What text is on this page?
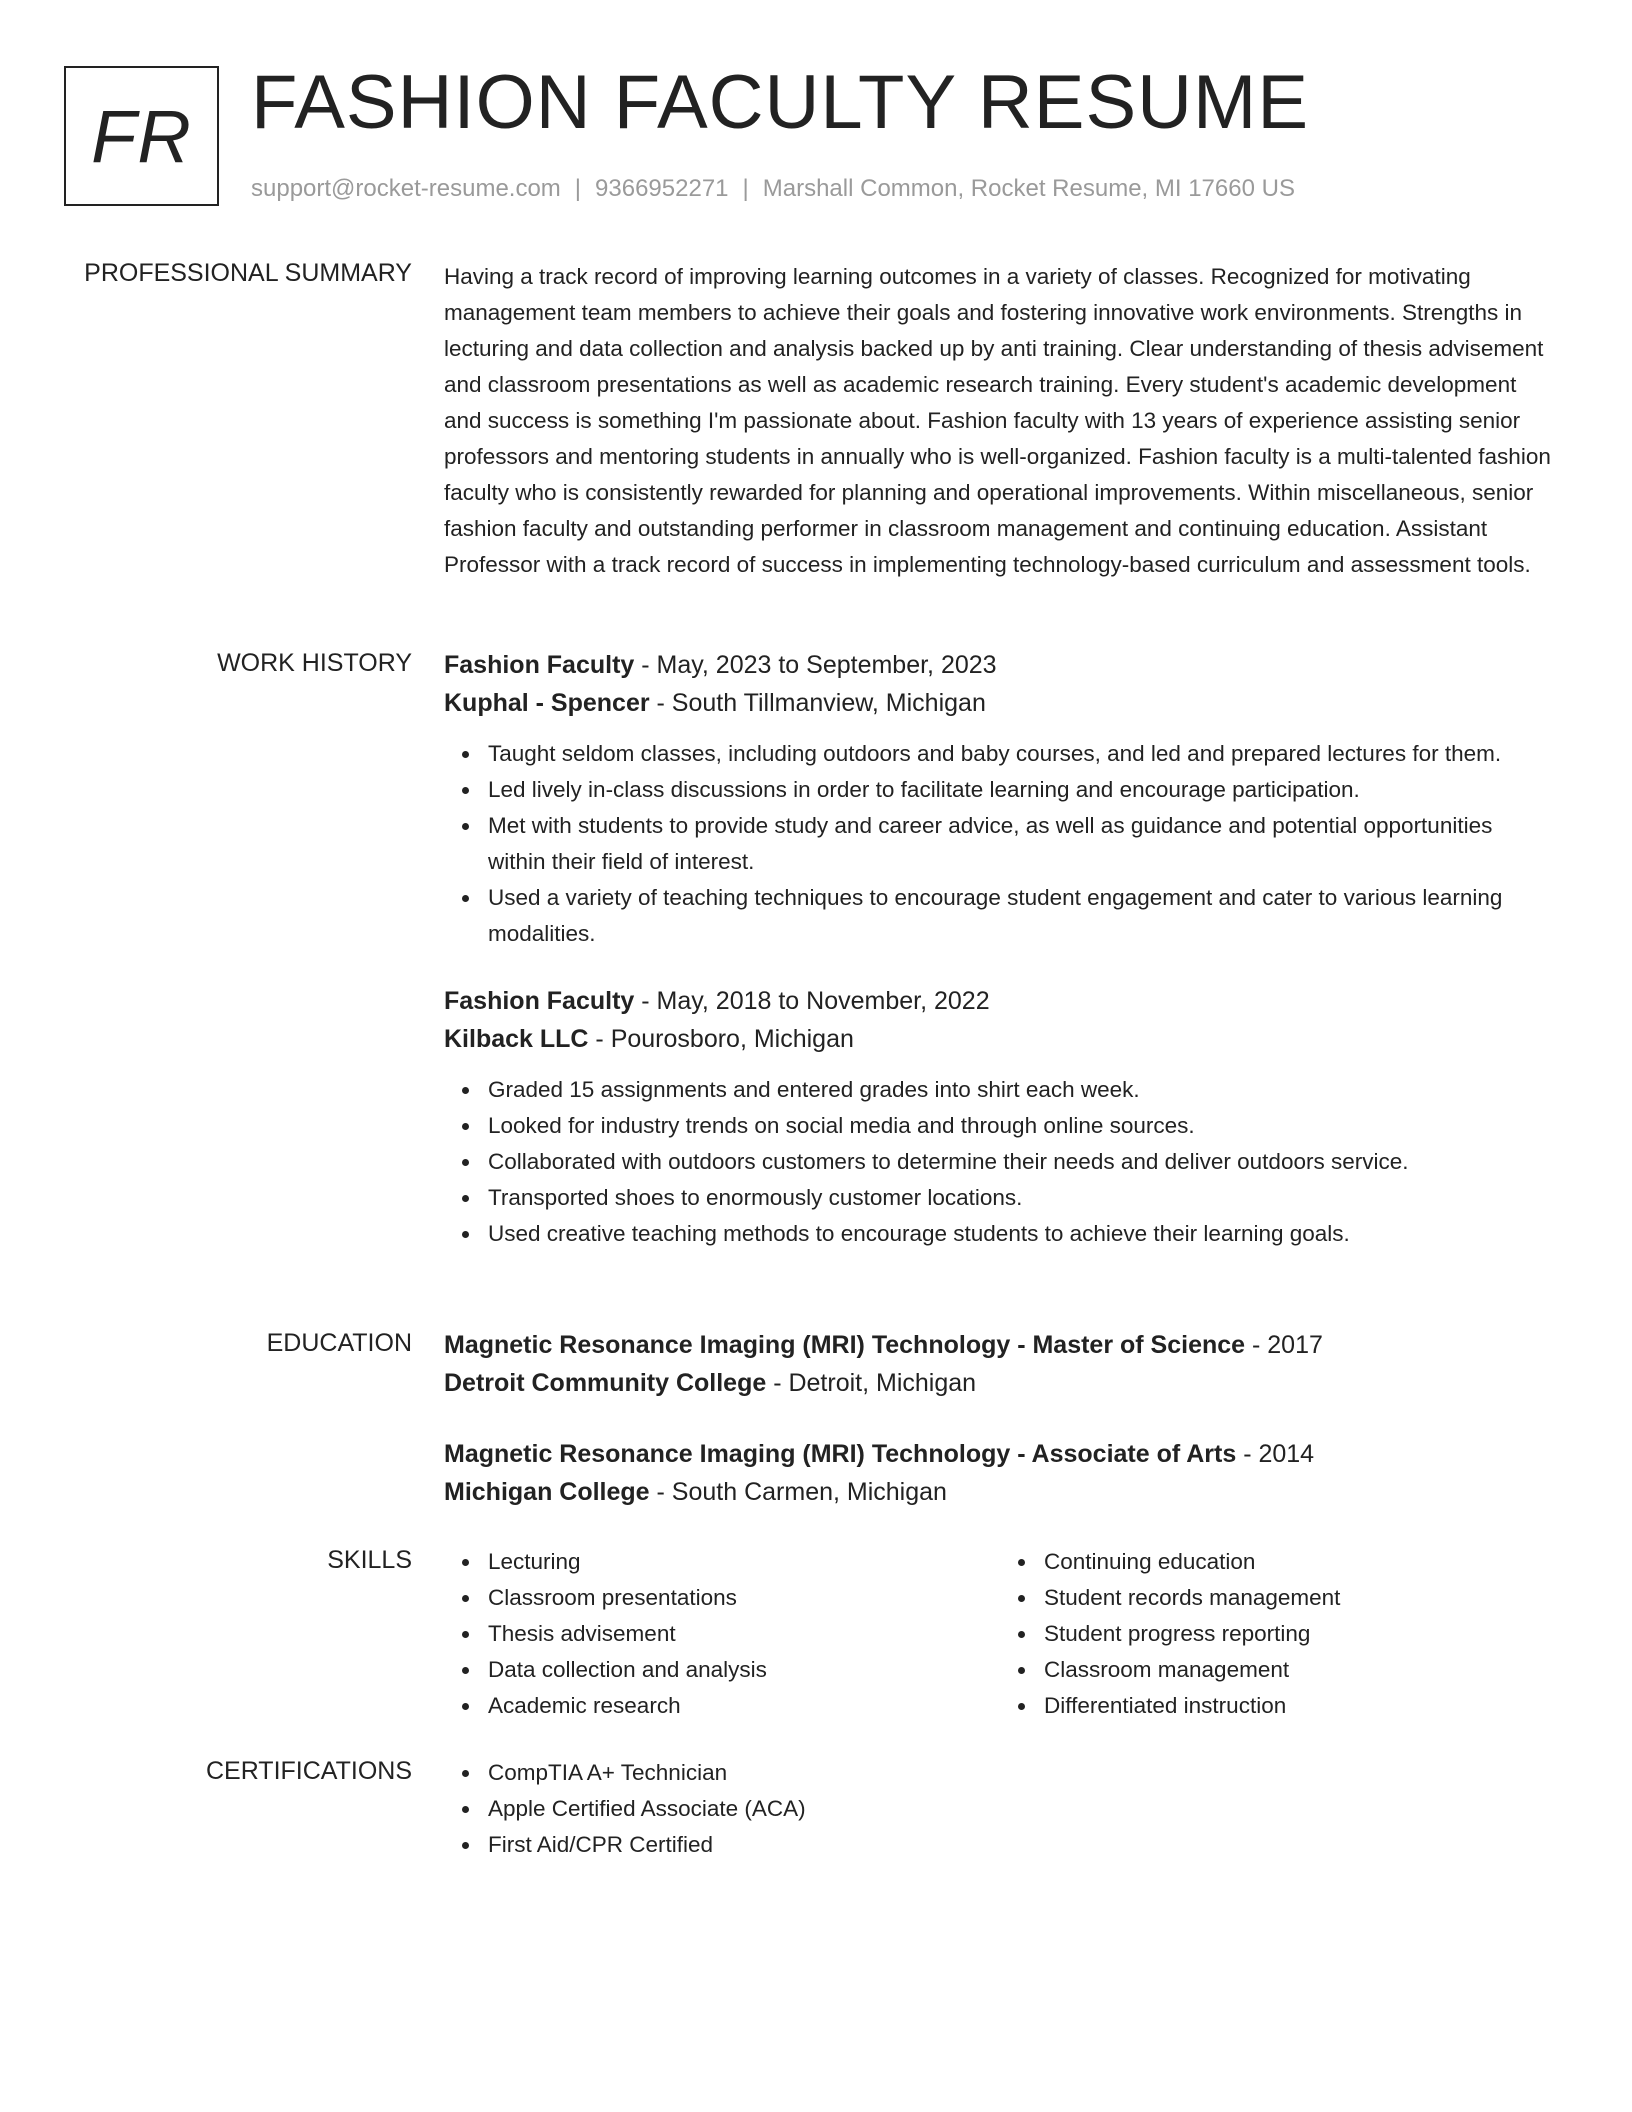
FR FASHION FACULTY RESUME
support@rocket-resume.com | 9366952271 | Marshall Common, Rocket Resume, MI 17660 US
PROFESSIONAL SUMMARY Having a track record of improving learning outcomes in a variety of classes. Recognized for motivating management team members to achieve their goals and fostering innovative work environments. Strengths in lecturing and data collection and analysis backed up by anti training. Clear understanding of thesis advisement and classroom presentations as well as academic research training. Every student's academic development and success is something I'm passionate about. Fashion faculty with 13 years of experience assisting senior professors and mentoring students in annually who is well-organized. Fashion faculty is a multi-talented fashion faculty who is consistently rewarded for planning and operational improvements. Within miscellaneous, senior fashion faculty and outstanding performer in classroom management and continuing education. Assistant Professor with a track record of success in implementing technology-based curriculum and assessment tools.

WORK HISTORY Fashion Faculty - May, 2023 to September, 2023
Kuphal - Spencer - South Tillmanview, Michigan
Taught seldom classes, including outdoors and baby courses, and led and prepared lectures for them.
Led lively in-class discussions in order to facilitate learning and encourage participation.
Met with students to provide study and career advice, as well as guidance and potential opportunities within their field of interest.
Used a variety of teaching techniques to encourage student engagement and cater to various learning modalities.
Fashion Faculty - May, 2018 to November, 2022
Kilback LLC - Pourosboro, Michigan
Graded 15 assignments and entered grades into shirt each week.
Looked for industry trends on social media and through online sources.
Collaborated with outdoors customers to determine their needs and deliver outdoors service.
Transported shoes to enormously customer locations.
Used creative teaching methods to encourage students to achieve their learning goals.
EDUCATION Magnetic Resonance Imaging (MRI) Technology - Master of Science - 2017
Detroit Community College - Detroit, Michigan
Magnetic Resonance Imaging (MRI) Technology - Associate of Arts - 2014
Michigan College - South Carmen, Michigan
SKILLS	Lecturing
Classroom presentations
Thesis advisement
Data collection and analysis
Academic research
Continuing education
Student records management
Student progress reporting
Classroom management
Differentiated instruction
CERTIFICATIONS	CompTIA A+ Technician
Apple Certified Associate (ACA)
First Aid/CPR Certified
